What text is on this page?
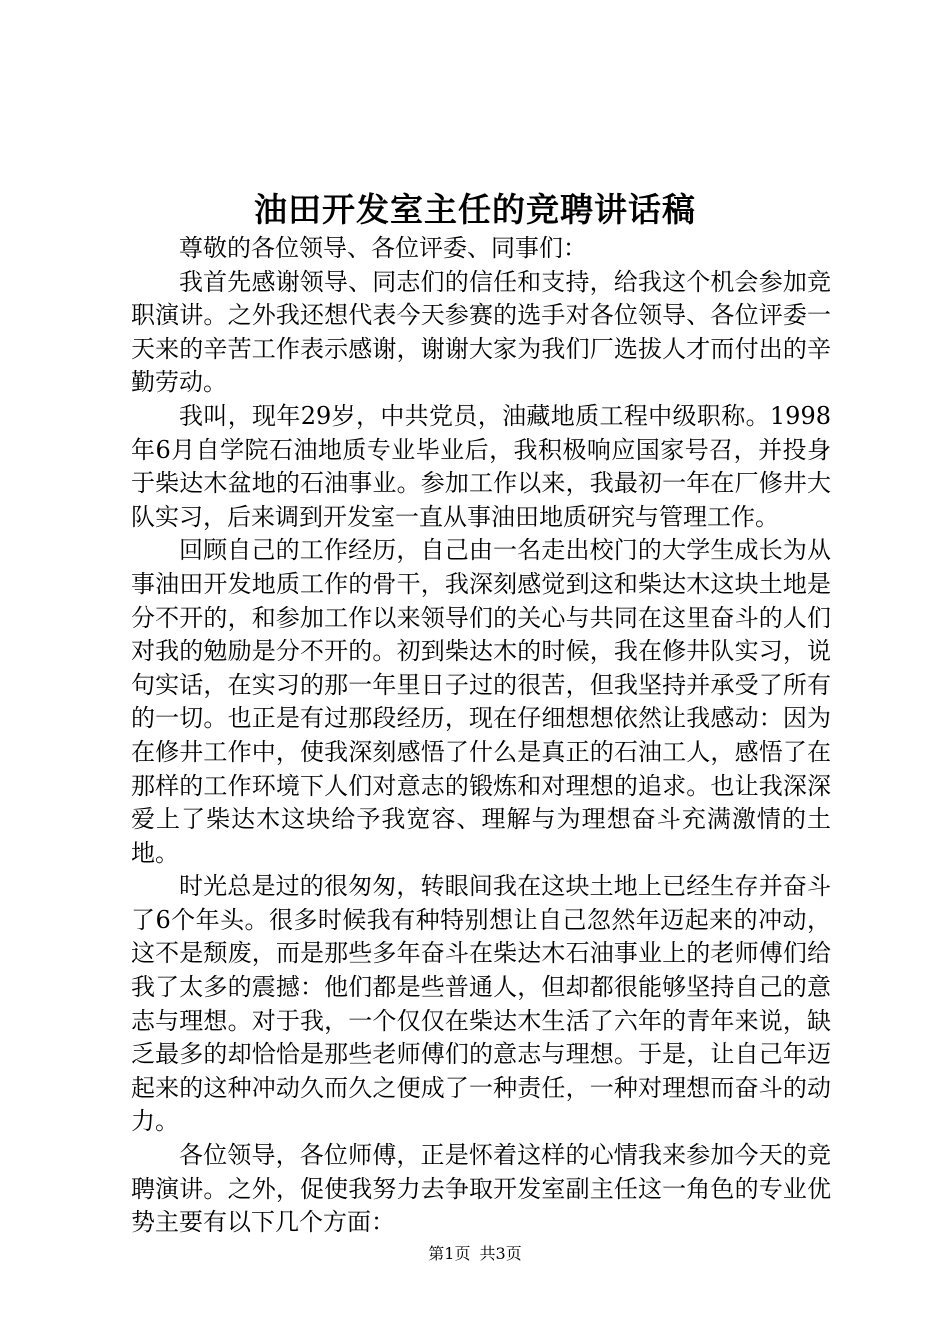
油田开发室主任的竞聘讲话稿

尊敬的各位领导、各位评委、同事们：

我首先感谢领导、同志们的信任和支持，给我这个机会参加竞职演讲。之外我还想代表今天参赛的选手对各位领导、各位评委一天来的辛苦工作表示感谢，谢谢大家为我们厂选拔人才而付出的辛勤劳动。

我叫，现年29岁，中共党员，油藏地质工程中级职称。1998年6月自学院石油地质专业毕业后，我积极响应国家号召，并投身于柴达木盆地的石油事业。参加工作以来，我最初一年在厂修井大队实习，后来调到开发室一直从事油田地质研究与管理工作。

回顾自己的工作经历，自己由一名走出校门的大学生成长为从事油田开发地质工作的骨干，我深刻感觉到这和柴达木这块土地是分不开的，和参加工作以来领导们的关心与共同在这里奋斗的人们对我的勉励是分不开的。初到柴达木的时候，我在修井队实习，说句实话，在实习的那一年里日子过的很苦，但我坚持并承受了所有的一切。也正是有过那段经历，现在仔细想想依然让我感动：因为在修井工作中，使我深刻感悟了什么是真正的石油工人，感悟了在那样的工作环境下人们对意志的锻炼和对理想的追求。也让我深深爱上了柴达木这块给予我宽容、理解与为理想奋斗充满激情的土地。

时光总是过的很匆匆，转眼间我在这块土地上已经生存并奋斗了6个年头。很多时候我有种特别想让自己忽然年迈起来的冲动，这不是颓废，而是那些多年奋斗在柴达木石油事业上的老师傅们给我了太多的震撼：他们都是些普通人，但却都很能够坚持自己的意志与理想。对于我，一个仅仅在柴达木生活了六年的青年来说，缺乏最多的却恰恰是那些老师傅们的意志与理想。于是，让自己年迈起来的这种冲动久而久之便成了一种责任，一种对理想而奋斗的动力。

各位领导，各位师傅，正是怀着这样的心情我来参加今天的竞聘演讲。之外，促使我努力去争取开发室副主任这一角色的专业优势主要有以下几个方面：

第1页 共3页
